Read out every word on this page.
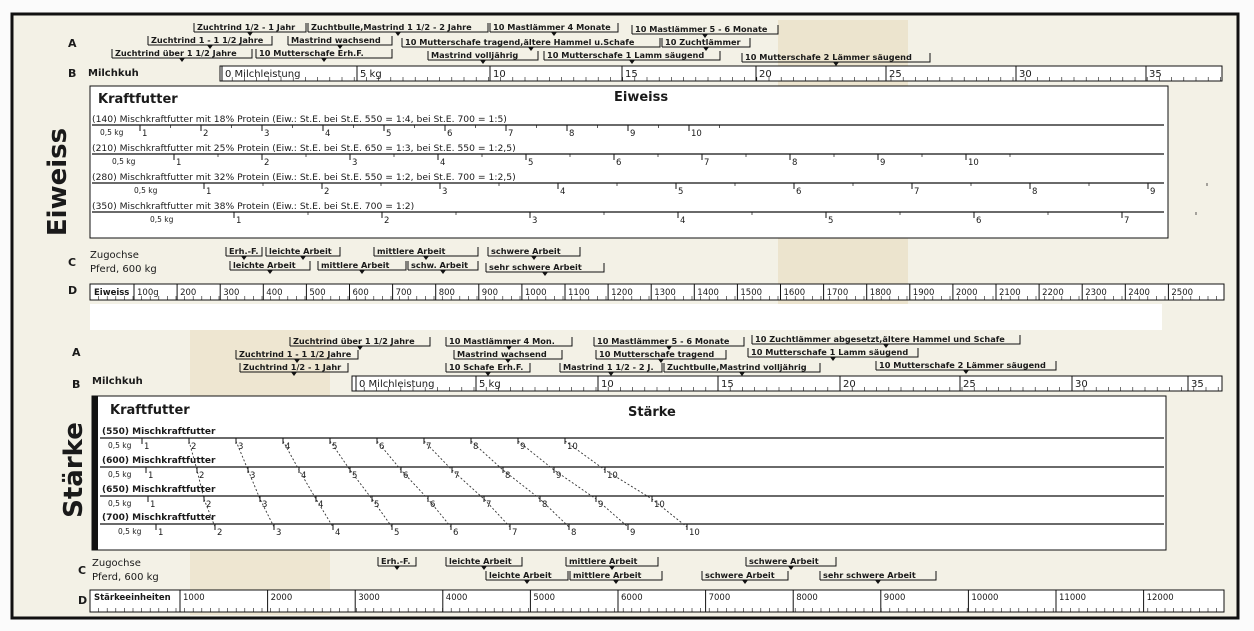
Eiweiss
A
B Milchkuh
Zuchtrind 1/2 - 1 Jahr Zuchtbulle,Mastrind 1 1/2 - 2 Jahre	10 Mastlämmer 4 Monate	10 Mastlämmer 5 - 6 Monate
Zuchtrind 1 - 1 1/2 Jahre	Mastrind wachsend	10 Mutterschafe tragend,ältere Hammel u.Schafe	10 Zuchtlämmer
Zuchtrind über 1 1/2 Jahre	10 Mutterschafe Erh.F.	Mastrind volljährig	10 Mutterschafe 1 Lamm säugend	10 Mutterschafe 2 Lämmer säugend
0 Milchleistung	5 kg	10	15	20	25	30	35
Kraftfutter	Eiweiss
(140) Mischkraftfutter mit 18% Protein (Eiw.: St.E. bei St.E. 550 = 1:4, bei St.E. 700 = 1:5)
0,5 kg 1	2	3	4	5	6	7	8	9	10
(210) Mischkraftfutter mit 25% Protein (Eiw.: St.E. bei St.E. 650 = 1:3, bei St.E. 550 = 1:2,5)
0,5 kg	1	2	3	4	5	6	7	8	9	10
(280) Mischkraftfutter mit 32% Protein (Eiw.: St.E. bei St.E. 550 = 1:2, bei St.E. 700 = 1:2,5)
0,5 kg	1	2	3	4	5	6	7	8	9
(350) Mischkraftfutter mit 38% Protein (Eiw.: St.E. bei St.E. 700 = 1:2)
0,5 kg	1	2	3	4	5	6	7
C
Zugochse
Pferd, 600 kg
Erh.-F. leichte Arbeit	mittlere Arbeit	schwere Arbeit
leichte Arbeit	mittlere Arbeit	schw. Arbeit	sehr schwere Arbeit
D Eiweiss 100g	200	300	400	500	600	700	800	900	1000	1100	1200	1300	1400	1500	1600	1700	1800	1900	2000	2100	2200	2300	2400	2500
Stärke
A
B Milchkuh
Zuchtrind über 1 1/2 Jahre	10 Mastlämmer 4 Mon.	10 Mastlämmer 5 - 6 Monate	10 Zuchtlämmer abgesetzt,ältere Hammel und Schafe
Zuchtrind 1 - 1 1/2 Jahre	Mastrind wachsend	10 Mutterschafe tragend	10 Mutterschafe 1 Lamm säugend
Zuchtrind 1/2 - 1 Jahr	10 Schafe Erh.F.	Mastrind 1 1/2 - 2 J. Zuchtbulle,Mastrind volljährig	10 Mutterschafe 2 Lämmer säugend
0 Milchleistung	5 kg	10	15	20	25	30	35
Kraftfutter	Stärke
(550) Mischkraftfutter
0,5 kg 1	2	3	4	5	6	7	8	9	10
(600) Mischkraftfutter
0,5 kg 1	2	3	4	5	6	7	8	9	10
(650) Mischkraftfutter
0,5 kg 1	2	3	4	5	6	7	8	9	10
(700) Mischkraftfutter
0,5 kg 1	2	3	4	5	6	7	8	9	10
C
Zugochse
Pferd, 600 kg
Erh.-F.	leichte Arbeit	mittlere Arbeit	schwere Arbeit
leichte Arbeit	mittlere Arbeit	schwere Arbeit	sehr schwere Arbeit
D Stärkeeinheiten 1000	2000	3000	4000	5000	6000	7000	8000	9000	10000	11000	12000
